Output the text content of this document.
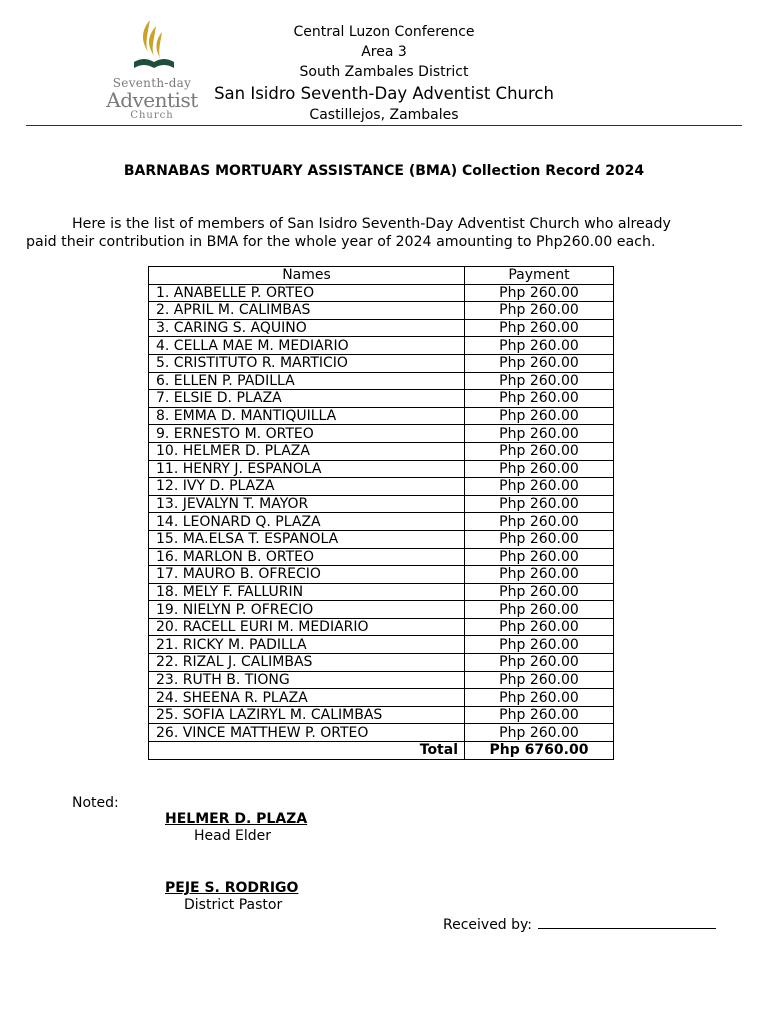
Seventh-day
Adventist
Church
Central Luzon Conference
Area 3
South Zambales District
San Isidro Seventh-Day Adventist Church
Castillejos, Zambales
BARNABAS MORTUARY ASSISTANCE (BMA) Collection Record 2024
Here is the list of members of San Isidro Seventh-Day Adventist Church who already
paid their contribution in BMA for the whole year of 2024 amounting to Php260.00 each.
Names	Payment
1. ANABELLE P. ORTEO	Php 260.00
2. APRIL M. CALIMBAS	Php 260.00
3. CARING S. AQUINO	Php 260.00
4. CELLA MAE M. MEDIARIO	Php 260.00
5. CRISTITUTO R. MARTICIO	Php 260.00
6. ELLEN P. PADILLA	Php 260.00
7. ELSIE D. PLAZA	Php 260.00
8. EMMA D. MANTIQUILLA	Php 260.00
9. ERNESTO M. ORTEO	Php 260.00
10. HELMER D. PLAZA	Php 260.00
11. HENRY J. ESPANOLA	Php 260.00
12. IVY D. PLAZA	Php 260.00
13. JEVALYN T. MAYOR	Php 260.00
14. LEONARD Q. PLAZA	Php 260.00
15. MA.ELSA T. ESPANOLA	Php 260.00
16. MARLON B. ORTEO	Php 260.00
17. MAURO B. OFRECIO	Php 260.00
18. MELY F. FALLURIN	Php 260.00
19. NIELYN P. OFRECIO	Php 260.00
20. RACELL EURI M. MEDIARIO	Php 260.00
21. RICKY M. PADILLA	Php 260.00
22. RIZAL J. CALIMBAS	Php 260.00
23. RUTH B. TIONG	Php 260.00
24. SHEENA R. PLAZA	Php 260.00
25. SOFIA LAZIRYL M. CALIMBAS	Php 260.00
26. VINCE MATTHEW P. ORTEO	Php 260.00
Total	Php 6760.00
Noted:
HELMER D. PLAZA
Head Elder
PEJE S. RODRIGO
District Pastor
Received by:
